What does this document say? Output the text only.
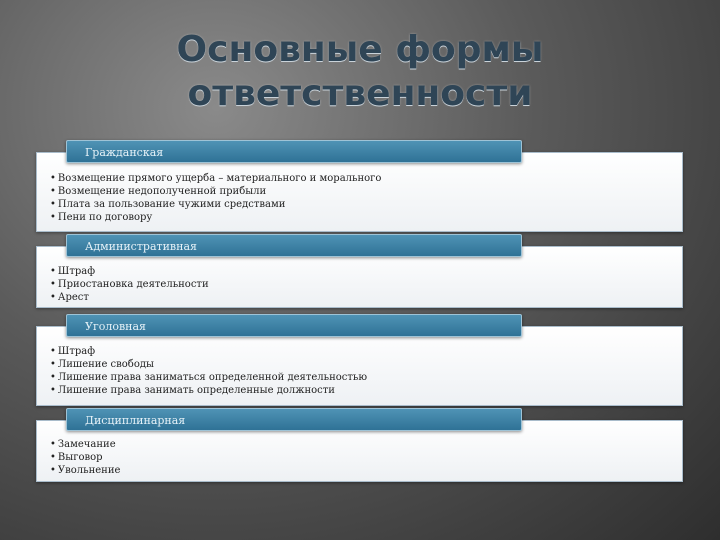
Основные формы
ответственности
• Возмещение прямого ущерба – материального и морального
• Возмещение недополученной прибыли
• Плата за пользование чужими средствами
• Пени по договору
Гражданская
• Штраф
• Приостановка деятельности
• Арест
Административная
• Штраф
• Лишение свободы
• Лишение права заниматься определенной деятельностью
• Лишение права занимать определенные должности
Уголовная
• Замечание
• Выговор
• Увольнение
Дисциплинарная
